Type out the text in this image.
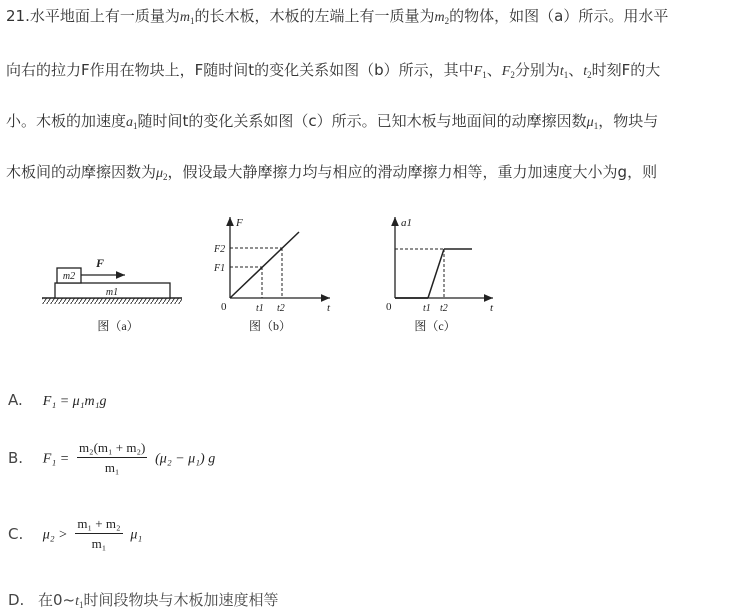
21.水平地面上有一质量为$m_1$的长木板，木板的左端上有一质量为$m_2$的物体，如图（a）所示。用水平
向右的拉力F作用在物块上，F随时间t的变化关系如图（b）所示，其中$F_1$、$F_2$分别为$t_1$、$t_2$时刻F的大
小。木板的加速度$a_1$随时间t的变化关系如图（c）所示。已知木板与地面间的动摩擦因数$\mu_1$，物块与
木板间的动摩擦因数为$\mu_2$，假设最大静摩擦力均与相应的滑动摩擦力相等，重力加速度大小为g，则
m1
m2
F
图（a）
F
t
0
F2
F1
t1 t2
图（b）
a1
t
0	t1 t2
图（c）
A. F₁ = μ₁m₁g
B. $F_1 = \frac{\text{m₂(m₁ + m₂)}}{\text{m₁}} (\mu_2 - \mu_1)$ g
C. $\mu_2 > \frac{\text{m₁ + m₂}}{\text{m₁}} \mu_1$
D. 在$0\sim t_1$时间段物块与木板加速度相等
